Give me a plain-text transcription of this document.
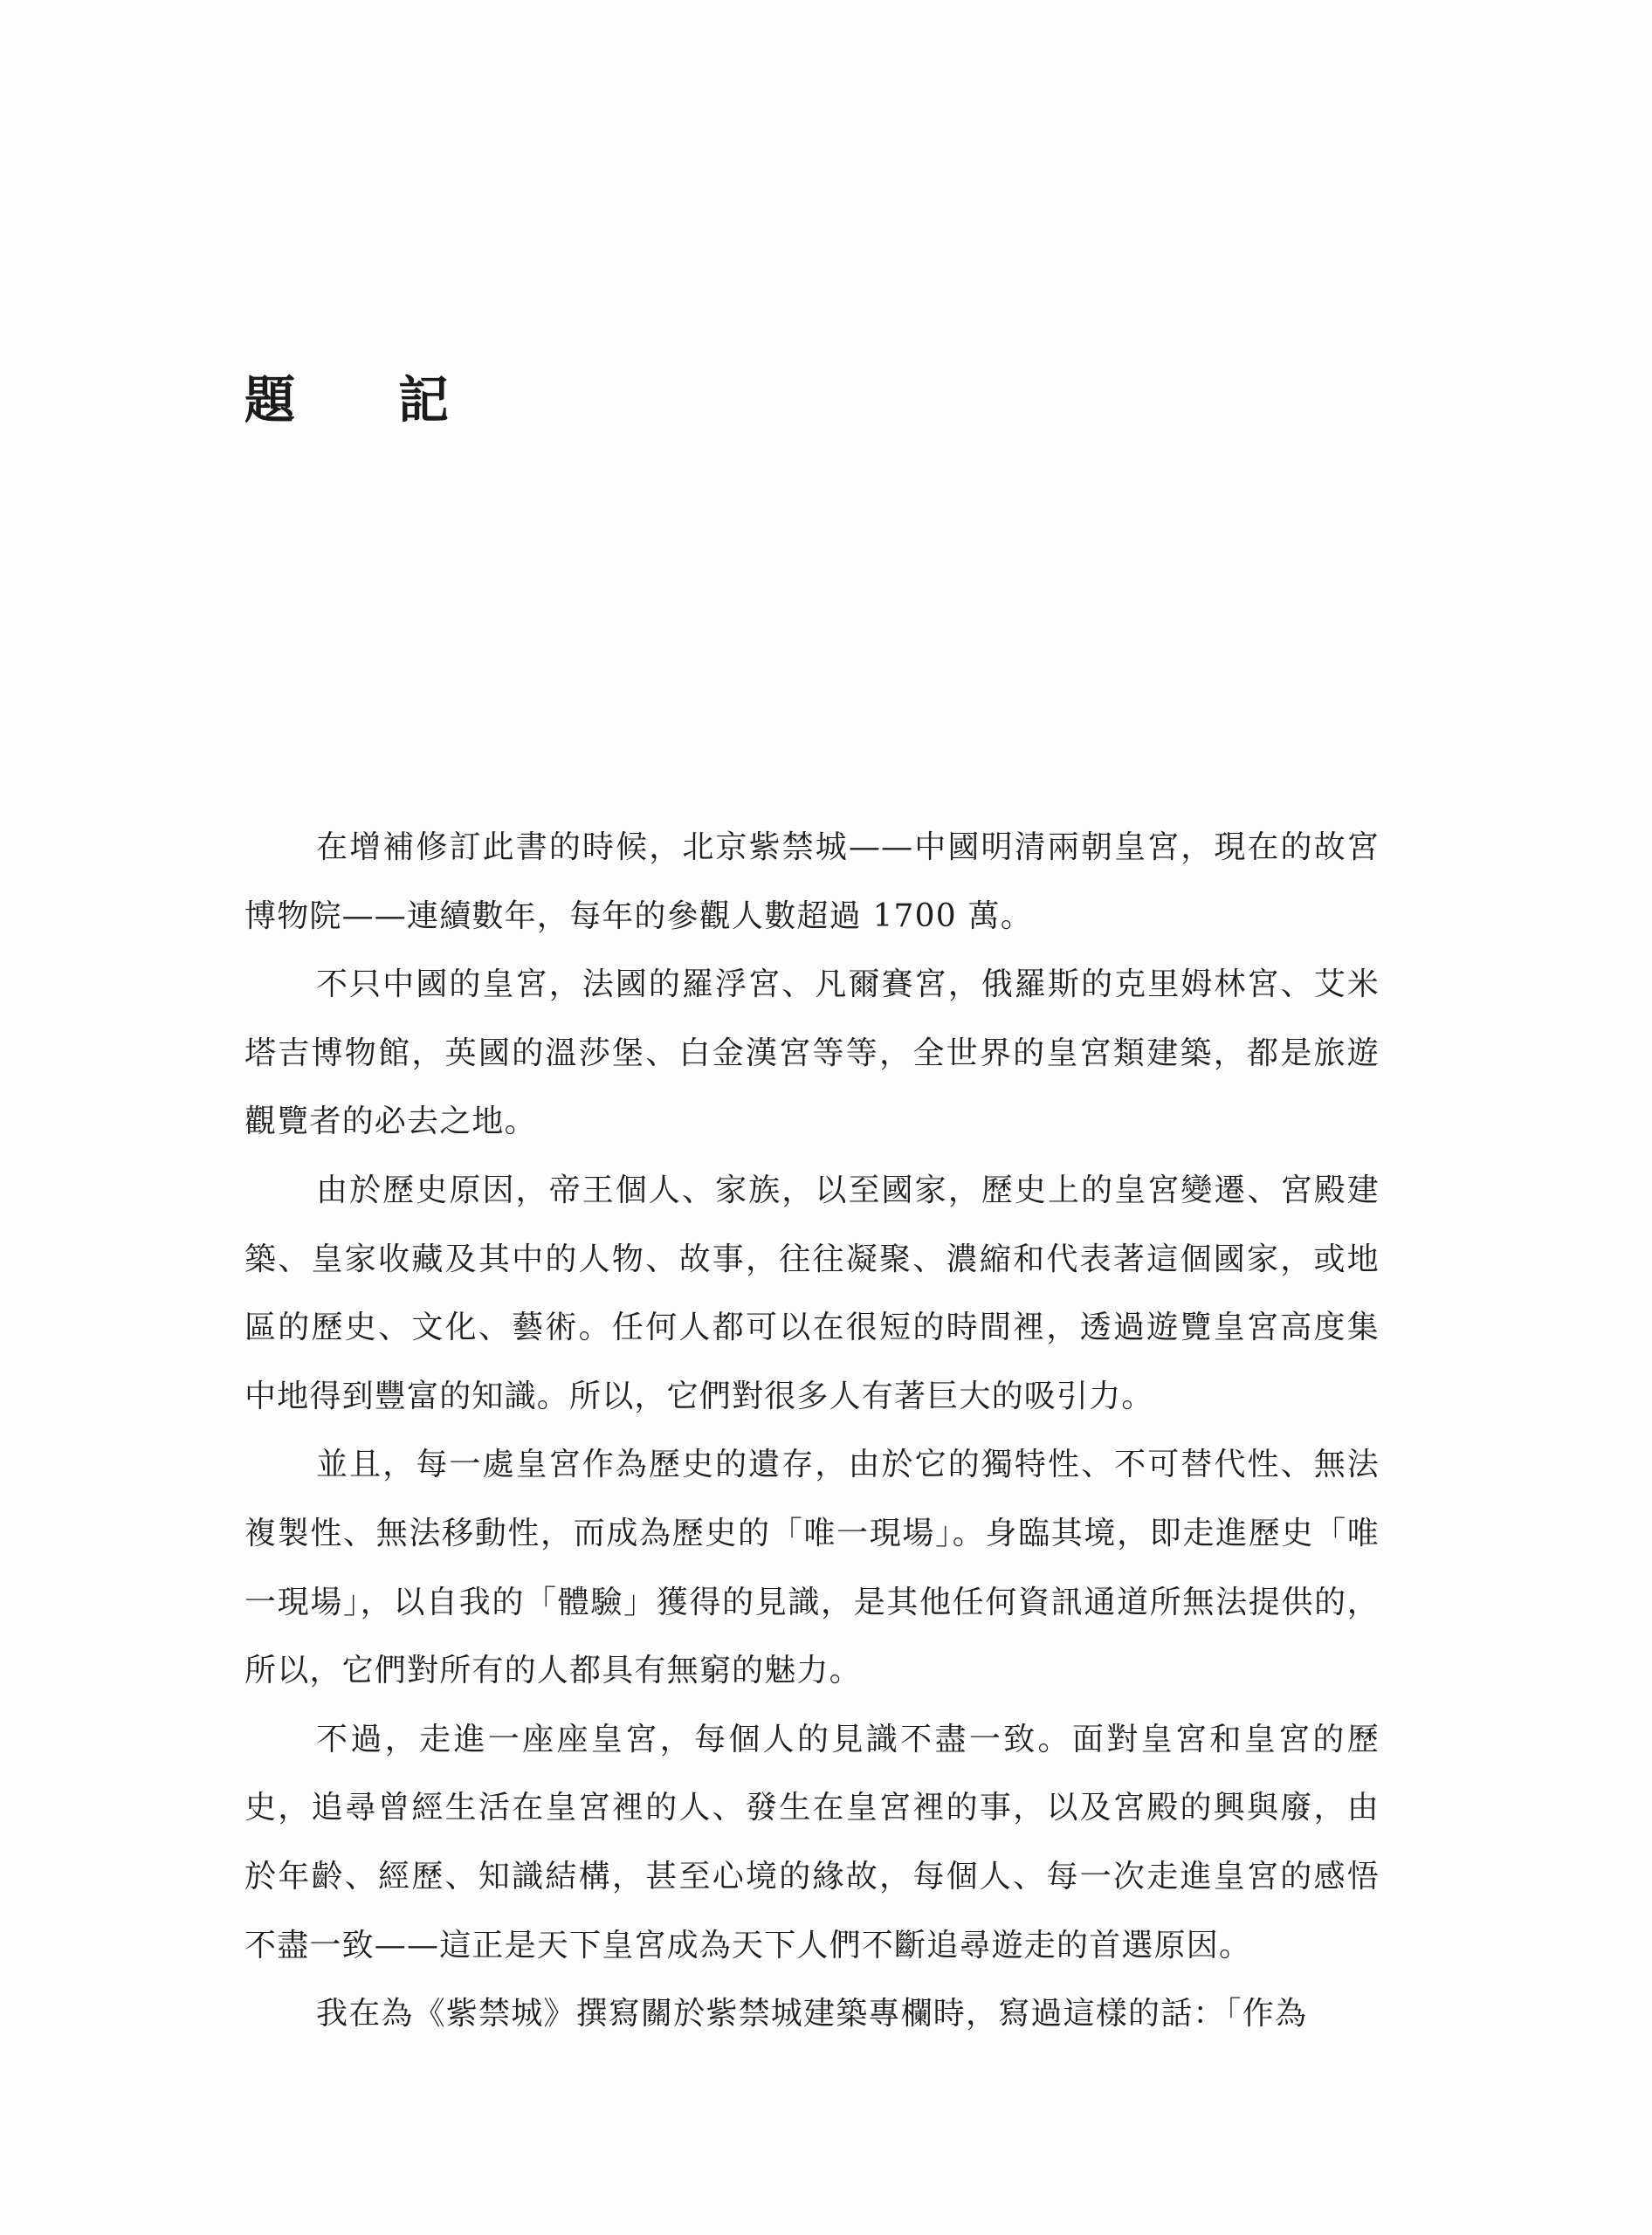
題　記

在增補修訂此書的時候，北京紫禁城——中國明清兩朝皇宮，現在的故宮博物院——連續數年，每年的參觀人數超過 1700 萬。

不只中國的皇宮，法國的羅浮宮、凡爾賽宮，俄羅斯的克里姆林宮、艾米塔吉博物館，英國的溫莎堡、白金漢宮等等，全世界的皇宮類建築，都是旅遊觀覽者的必去之地。

由於歷史原因，帝王個人、家族，以至國家，歷史上的皇宮變遷、宮殿建築、皇家收藏及其中的人物、故事，往往凝聚、濃縮和代表著這個國家，或地區的歷史、文化、藝術。任何人都可以在很短的時間裡，透過遊覽皇宮高度集中地得到豐富的知識。所以，它們對很多人有著巨大的吸引力。

並且，每一處皇宮作為歷史的遺存，由於它的獨特性、不可替代性、無法複製性、無法移動性，而成為歷史的「唯一現場」。身臨其境，即走進歷史「唯一現場」，以自我的「體驗」獲得的見識，是其他任何資訊通道所無法提供的，所以，它們對所有的人都具有無窮的魅力。

不過，走進一座座皇宮，每個人的見識不盡一致。面對皇宮和皇宮的歷史，追尋曾經生活在皇宮裡的人、發生在皇宮裡的事，以及宮殿的興與廢，由於年齡、經歷、知識結構，甚至心境的緣故，每個人、每一次走進皇宮的感悟不盡一致——這正是天下皇宮成為天下人們不斷追尋遊走的首選原因。

我在為《紫禁城》撰寫關於紫禁城建築專欄時，寫過這樣的話：「作為
